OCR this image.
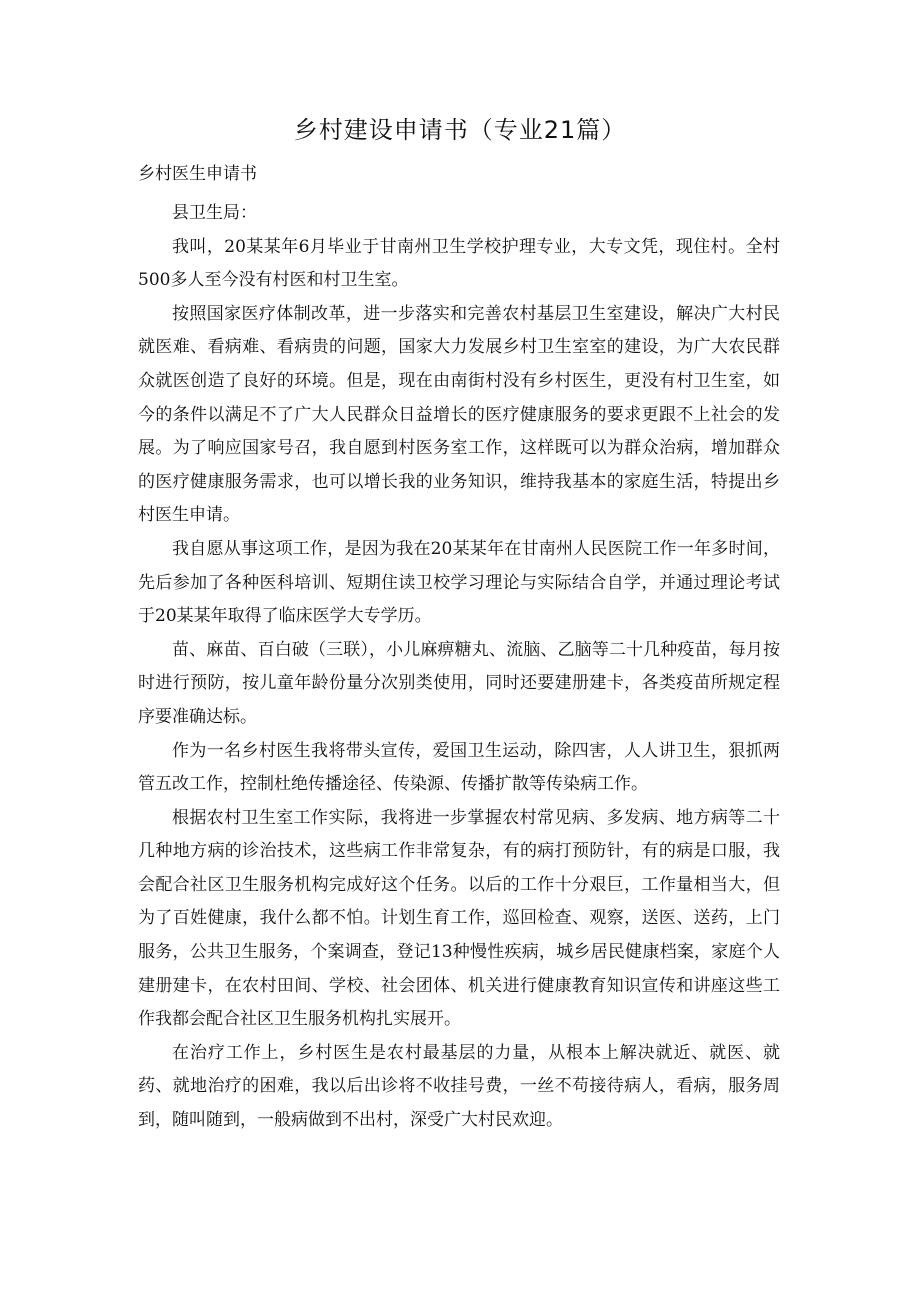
乡村建设申请书（专业21篇）
乡村医生申请书

县卫生局：

我叫，20某某年6月毕业于甘南州卫生学校护理专业，大专文凭，现住村。全村500多人至今没有村医和村卫生室。

按照国家医疗体制改革，进一步落实和完善农村基层卫生室建设，解决广大村民就医难、看病难、看病贵的问题，国家大力发展乡村卫生室室的建设，为广大农民群众就医创造了良好的环境。但是，现在由南街村没有乡村医生，更没有村卫生室，如今的条件以满足不了广大人民群众日益增长的医疗健康服务的要求更跟不上社会的发展。为了响应国家号召，我自愿到村医务室工作，这样既可以为群众治病，增加群众的医疗健康服务需求，也可以增长我的业务知识，维持我基本的家庭生活，特提出乡村医生申请。

我自愿从事这项工作，是因为我在20某某年在甘南州人民医院工作一年多时间，先后参加了各种医科培训、短期住读卫校学习理论与实际结合自学，并通过理论考试于20某某年取得了临床医学大专学历。

苗、麻苗、百白破（三联），小儿麻痹糖丸、流脑、乙脑等二十几种疫苗，每月按时进行预防，按儿童年龄份量分次别类使用，同时还要建册建卡，各类疫苗所规定程序要准确达标。

作为一名乡村医生我将带头宣传，爱国卫生运动，除四害，人人讲卫生，狠抓两管五改工作，控制杜绝传播途径、传染源、传播扩散等传染病工作。

根据农村卫生室工作实际，我将进一步掌握农村常见病、多发病、地方病等二十几种地方病的诊治技术，这些病工作非常复杂，有的病打预防针，有的病是口服，我会配合社区卫生服务机构完成好这个任务。以后的工作十分艰巨，工作量相当大，但为了百姓健康，我什么都不怕。计划生育工作，巡回检查、观察，送医、送药，上门服务，公共卫生服务，个案调查，登记13种慢性疾病，城乡居民健康档案，家庭个人建册建卡，在农村田间、学校、社会团体、机关进行健康教育知识宣传和讲座这些工作我都会配合社区卫生服务机构扎实展开。

在治疗工作上，乡村医生是农村最基层的力量，从根本上解决就近、就医、就药、就地治疗的困难，我以后出诊将不收挂号费，一丝不苟接待病人，看病，服务周到，随叫随到，一般病做到不出村，深受广大村民欢迎。
